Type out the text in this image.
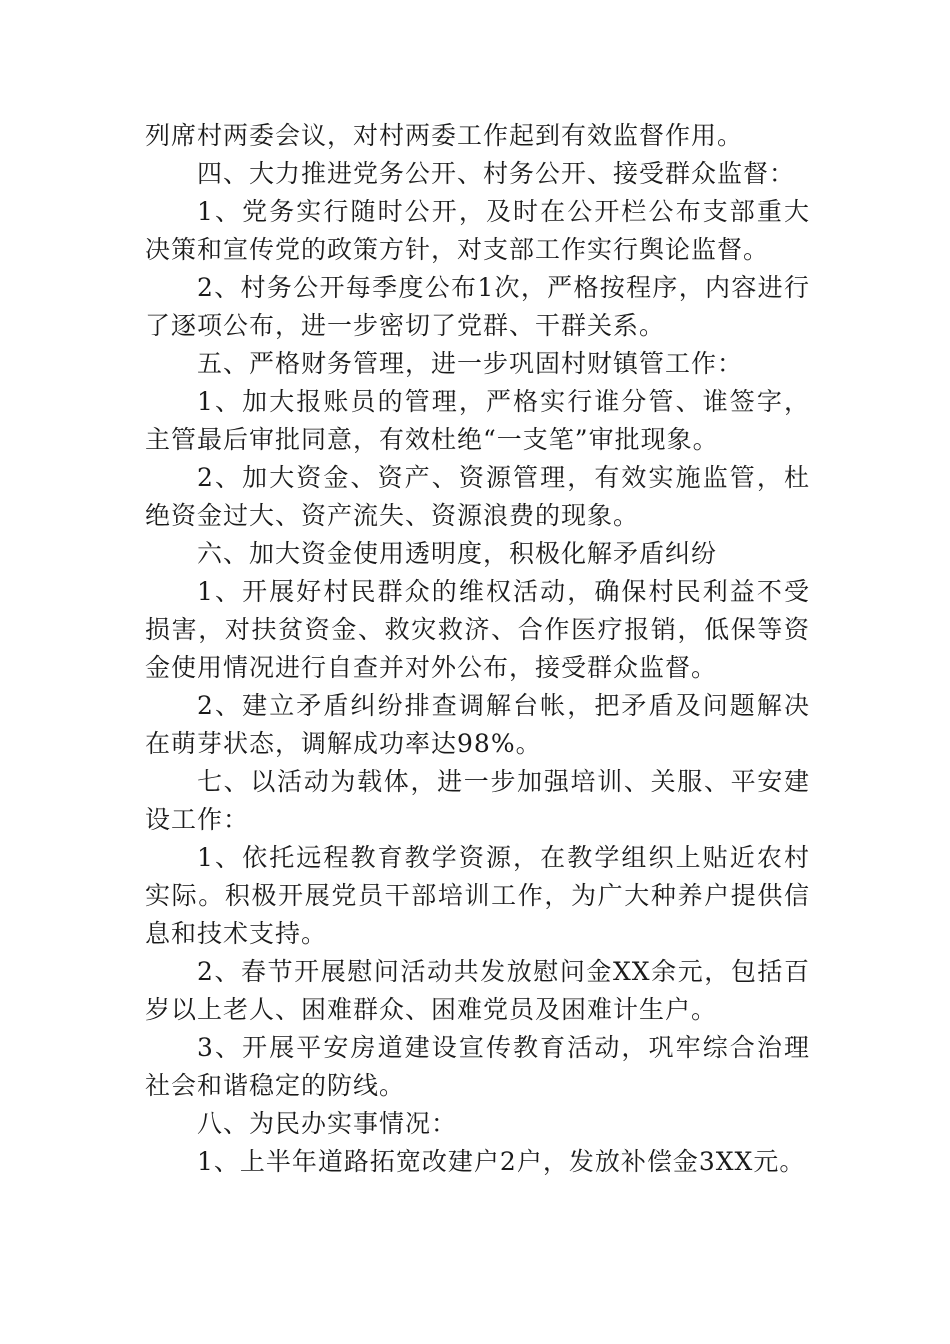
列席村两委会议，对村两委工作起到有效监督作用。

四、大力推进党务公开、村务公开、接受群众监督：

1、党务实行随时公开，及时在公开栏公布支部重大决策和宣传党的政策方针，对支部工作实行舆论监督。

2、村务公开每季度公布1次，严格按程序，内容进行了逐项公布，进一步密切了党群、干群关系。

五、严格财务管理，进一步巩固村财镇管工作：

1、加大报账员的管理，严格实行谁分管、谁签字，主管最后审批同意，有效杜绝“一支笔”审批现象。

2、加大资金、资产、资源管理，有效实施监管，杜绝资金过大、资产流失、资源浪费的现象。

六、加大资金使用透明度，积极化解矛盾纠纷

1、开展好村民群众的维权活动，确保村民利益不受损害，对扶贫资金、救灾救济、合作医疗报销，低保等资金使用情况进行自查并对外公布，接受群众监督。

2、建立矛盾纠纷排查调解台帐，把矛盾及问题解决在萌芽状态，调解成功率达98%。

七、以活动为载体，进一步加强培训、关服、平安建设工作：

1、依托远程教育教学资源，在教学组织上贴近农村实际。积极开展党员干部培训工作，为广大种养户提供信息和技术支持。

2、春节开展慰问活动共发放慰问金XX余元，包括百岁以上老人、困难群众、困难党员及困难计生户。

3、开展平安房道建设宣传教育活动，巩牢综合治理社会和谐稳定的防线。

八、为民办实事情况：

1、上半年道路拓宽改建户2户，发放补偿金3XX元。
